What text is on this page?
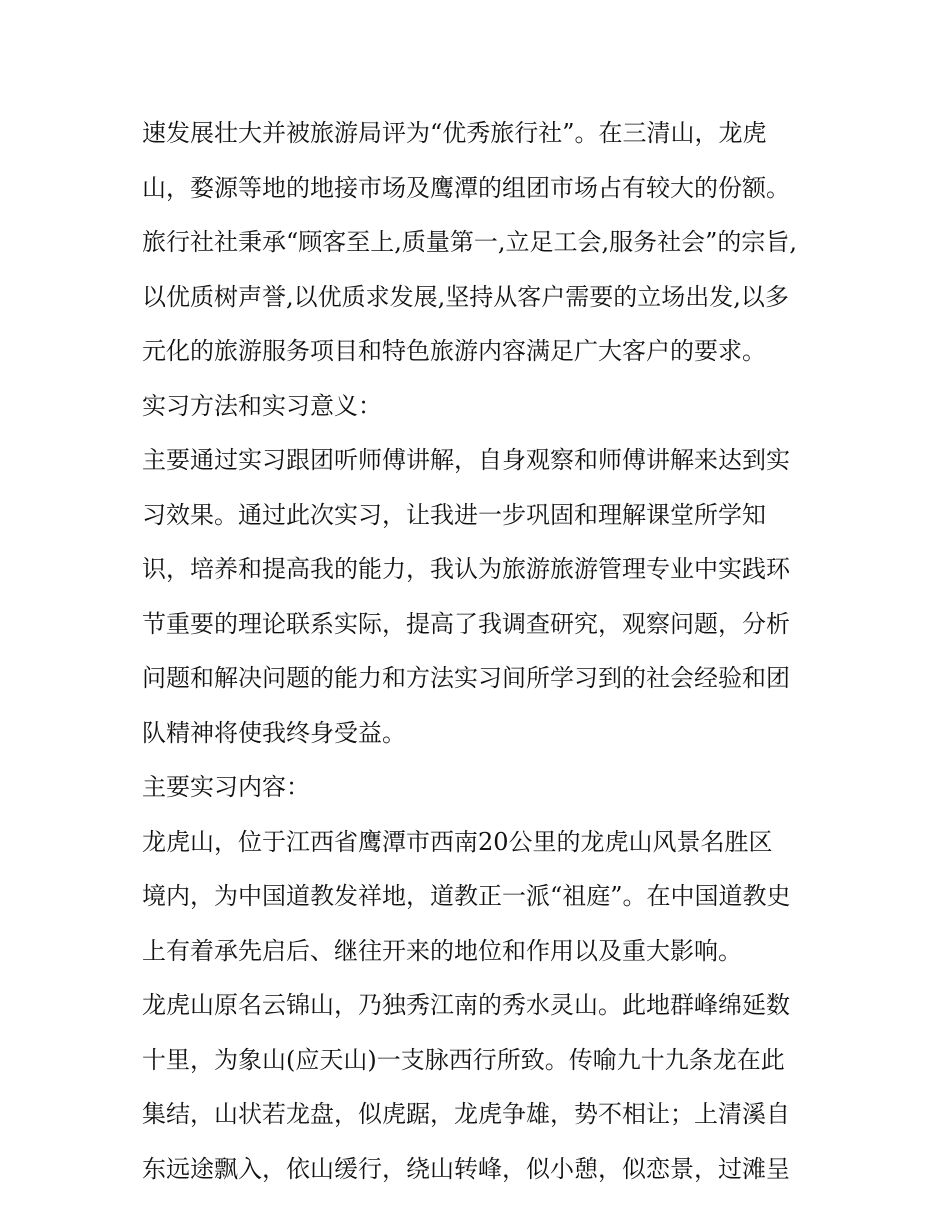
速发展壮大并被旅游局评为“优秀旅行社”。在三清山，龙虎

山，婺源等地的地接市场及鹰潭的组团市场占有较大的份额。

旅行社社秉承“顾客至上,质量第一,立足工会,服务社会”的宗旨,

以优质树声誉,以优质求发展,坚持从客户需要的立场出发,以多

元化的旅游服务项目和特色旅游内容满足广大客户的要求。

实习方法和实习意义：

主要通过实习跟团听师傅讲解，自身观察和师傅讲解来达到实

习效果。通过此次实习，让我进一步巩固和理解课堂所学知

识，培养和提高我的能力，我认为旅游旅游管理专业中实践环

节重要的理论联系实际，提高了我调查研究，观察问题，分析

问题和解决问题的能力和方法实习间所学习到的社会经验和团

队精神将使我终身受益。

主要实习内容：

龙虎山，位于江西省鹰潭市西南20公里的龙虎山风景名胜区

境内，为中国道教发祥地，道教正一派“祖庭”。在中国道教史

上有着承先启后、继往开来的地位和作用以及重大影响。

龙虎山原名云锦山，乃独秀江南的秀水灵山。此地群峰绵延数

十里，为象山(应天山)一支脉西行所致。传喻九十九条龙在此

集结，山状若龙盘，似虎踞，龙虎争雄，势不相让；上清溪自

东远途飘入，依山缓行，绕山转峰，似小憩，似恋景，过滩呈
